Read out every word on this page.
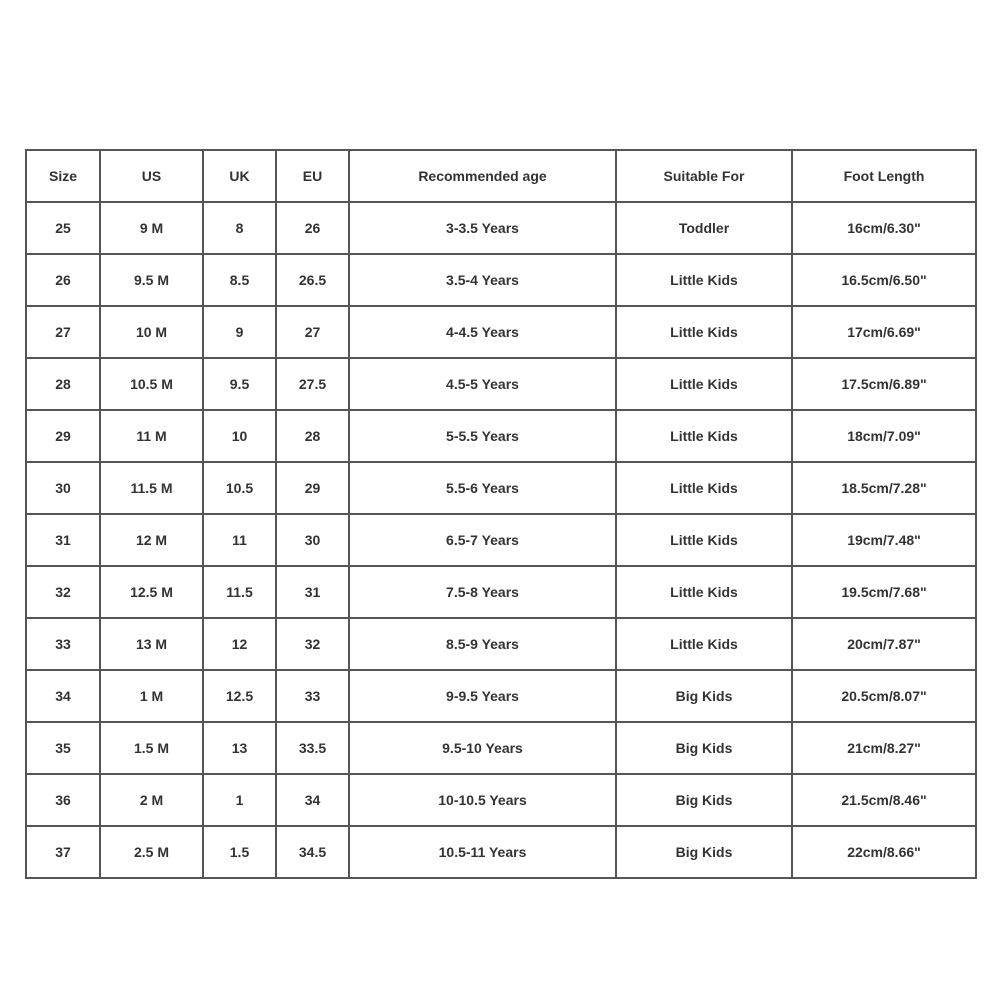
Size	US	UK	EU	Recommended age	Suitable For	Foot Length
25	9 M	8	26	3-3.5 Years	Toddler	16cm/6.30"
26	9.5 M	8.5	26.5	3.5-4 Years	Little Kids	16.5cm/6.50"
27	10 M	9	27	4-4.5 Years	Little Kids	17cm/6.69"
28	10.5 M	9.5	27.5	4.5-5 Years	Little Kids	17.5cm/6.89"
29	11 M	10	28	5-5.5 Years	Little Kids	18cm/7.09"
30	11.5 M	10.5	29	5.5-6 Years	Little Kids	18.5cm/7.28"
31	12 M	11	30	6.5-7 Years	Little Kids	19cm/7.48"
32	12.5 M	11.5	31	7.5-8 Years	Little Kids	19.5cm/7.68"
33	13 M	12	32	8.5-9 Years	Little Kids	20cm/7.87"
34	1 M	12.5	33	9-9.5 Years	Big Kids	20.5cm/8.07"
35	1.5 M	13	33.5	9.5-10 Years	Big Kids	21cm/8.27"
36	2 M	1	34	10-10.5 Years	Big Kids	21.5cm/8.46"
37	2.5 M	1.5	34.5	10.5-11 Years	Big Kids	22cm/8.66"
